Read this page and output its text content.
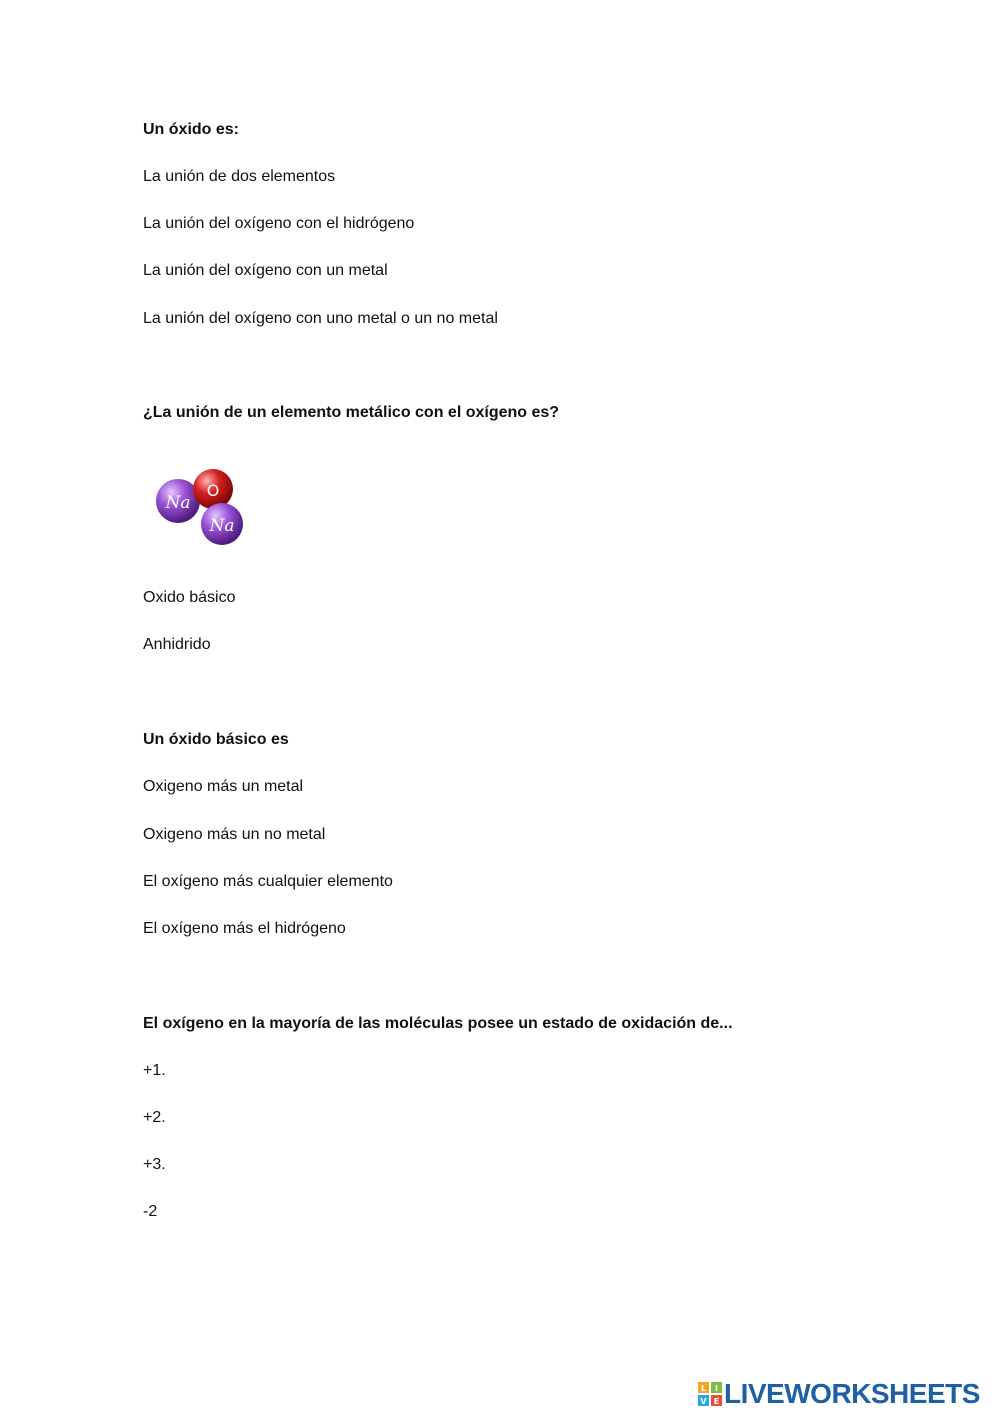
Un óxido es:
La unión de dos elementos
La unión del oxígeno con el hidrógeno
La unión del oxígeno con un metal
La unión del oxígeno con uno metal o un no metal
¿La unión de un elemento metálico con el oxígeno es?
Na
O
Na
Oxido básico
Anhidrido
Un óxido básico es
Oxigeno más un metal
Oxigeno más un no metal
El oxígeno más cualquier elemento
El oxígeno más el hidrógeno
El oxígeno en la mayoría de las moléculas posee un estado de oxidación de...
+1.
+2.
+3.
-2
L I
V E LIVEWORKSHEETS
